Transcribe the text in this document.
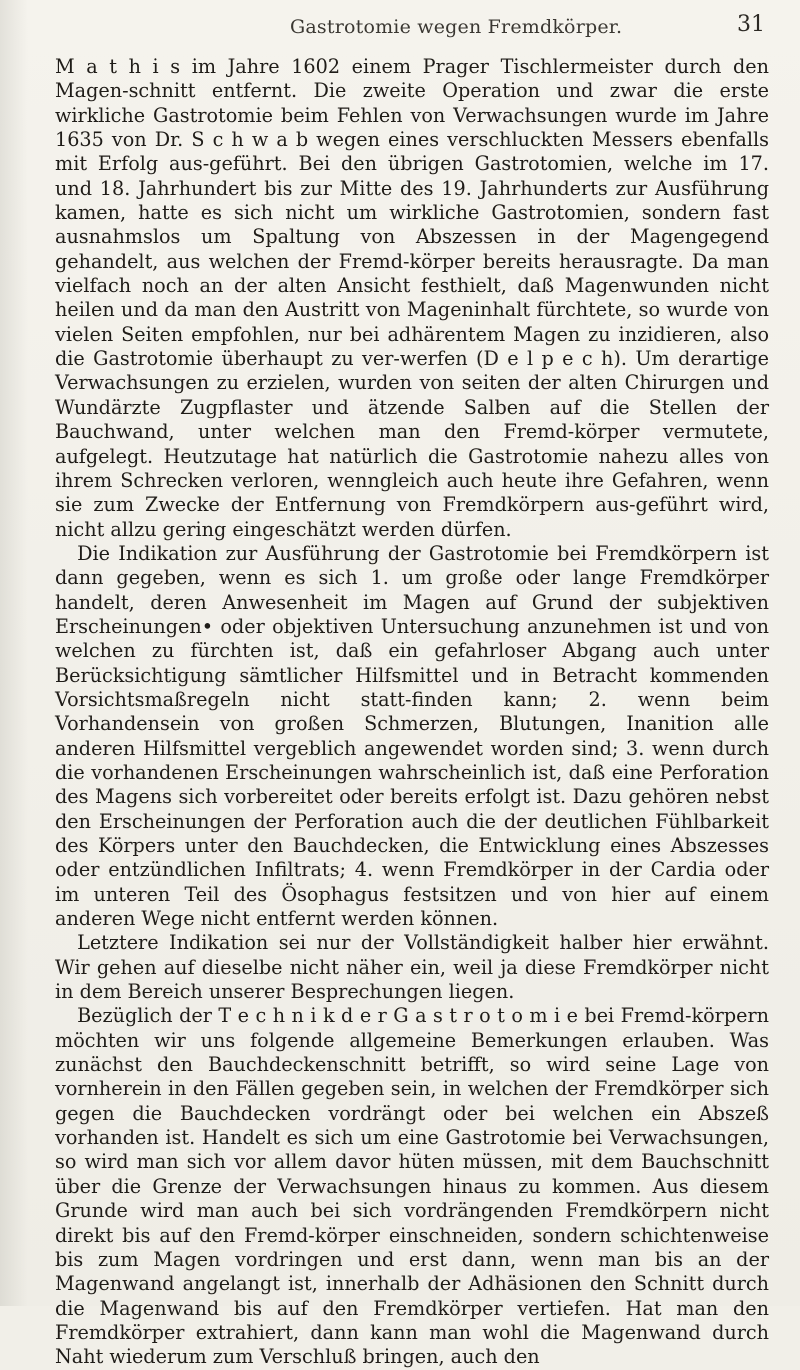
Gastrotomie wegen Fremdkörper.	31

M a t h i s im Jahre 1602 einem Prager Tischlermeister durch den Magen-schnitt entfernt. Die zweite Operation und zwar die erste wirkliche Gastrotomie beim Fehlen von Verwachsungen wurde im Jahre 1635 von Dr. S c h w a b wegen eines verschluckten Messers ebenfalls mit Erfolg aus-geführt. Bei den übrigen Gastrotomien, welche im 17. und 18. Jahrhundert bis zur Mitte des 19. Jahrhunderts zur Ausführung kamen, hatte es sich nicht um wirkliche Gastrotomien, sondern fast ausnahmslos um Spaltung von Abszessen in der Magengegend gehandelt, aus welchen der Fremd-körper bereits herausragte. Da man vielfach noch an der alten Ansicht festhielt, daß Magenwunden nicht heilen und da man den Austritt von Mageninhalt fürchtete, so wurde von vielen Seiten empfohlen, nur bei adhärentem Magen zu inzidieren, also die Gastrotomie überhaupt zu ver-werfen (D e l p e c h). Um derartige Verwachsungen zu erzielen, wurden von seiten der alten Chirurgen und Wundärzte Zugpflaster und ätzende Salben auf die Stellen der Bauchwand, unter welchen man den Fremd-körper vermutete, aufgelegt. Heutzutage hat natürlich die Gastrotomie nahezu alles von ihrem Schrecken verloren, wenngleich auch heute ihre Gefahren, wenn sie zum Zwecke der Entfernung von Fremdkörpern aus-geführt wird, nicht allzu gering eingeschätzt werden dürfen.

Die Indikation zur Ausführung der Gastrotomie bei Fremdkörpern ist dann gegeben, wenn es sich 1. um große oder lange Fremdkörper handelt, deren Anwesenheit im Magen auf Grund der subjektiven Erscheinungen• oder objektiven Untersuchung anzunehmen ist und von welchen zu fürchten ist, daß ein gefahrloser Abgang auch unter Berücksichtigung sämtlicher Hilfsmittel und in Betracht kommenden Vorsichtsmaßregeln nicht statt-finden kann; 2. wenn beim Vorhandensein von großen Schmerzen, Blutungen, Inanition alle anderen Hilfsmittel vergeblich angewendet worden sind; 3. wenn durch die vorhandenen Erscheinungen wahrscheinlich ist, daß eine Perforation des Magens sich vorbereitet oder bereits erfolgt ist. Dazu gehören nebst den Erscheinungen der Perforation auch die der deutlichen Fühlbarkeit des Körpers unter den Bauchdecken, die Entwicklung eines Abszesses oder entzündlichen Infiltrats; 4. wenn Fremdkörper in der Cardia oder im unteren Teil des Ösophagus festsitzen und von hier auf einem anderen Wege nicht entfernt werden können.

Letztere Indikation sei nur der Vollständigkeit halber hier erwähnt. Wir gehen auf dieselbe nicht näher ein, weil ja diese Fremdkörper nicht in dem Bereich unserer Besprechungen liegen.

Bezüglich der T e c h n i k d e r G a s t r o t o m i e bei Fremd-körpern möchten wir uns folgende allgemeine Bemerkungen erlauben. Was zunächst den Bauchdeckenschnitt betrifft, so wird seine Lage von vornherein in den Fällen gegeben sein, in welchen der Fremdkörper sich gegen die Bauchdecken vordrängt oder bei welchen ein Abszeß vorhanden ist. Handelt es sich um eine Gastrotomie bei Verwachsungen, so wird man sich vor allem davor hüten müssen, mit dem Bauchschnitt über die Grenze der Verwachsungen hinaus zu kommen. Aus diesem Grunde wird man auch bei sich vordrängenden Fremdkörpern nicht direkt bis auf den Fremd-körper einschneiden, sondern schichtenweise bis zum Magen vordringen und erst dann, wenn man bis an der Magenwand angelangt ist, innerhalb der Adhäsionen den Schnitt durch die Magenwand bis auf den Fremdkörper vertiefen. Hat man den Fremdkörper extrahiert, dann kann man wohl die Magenwand durch Naht wiederum zum Verschluß bringen, auch den
